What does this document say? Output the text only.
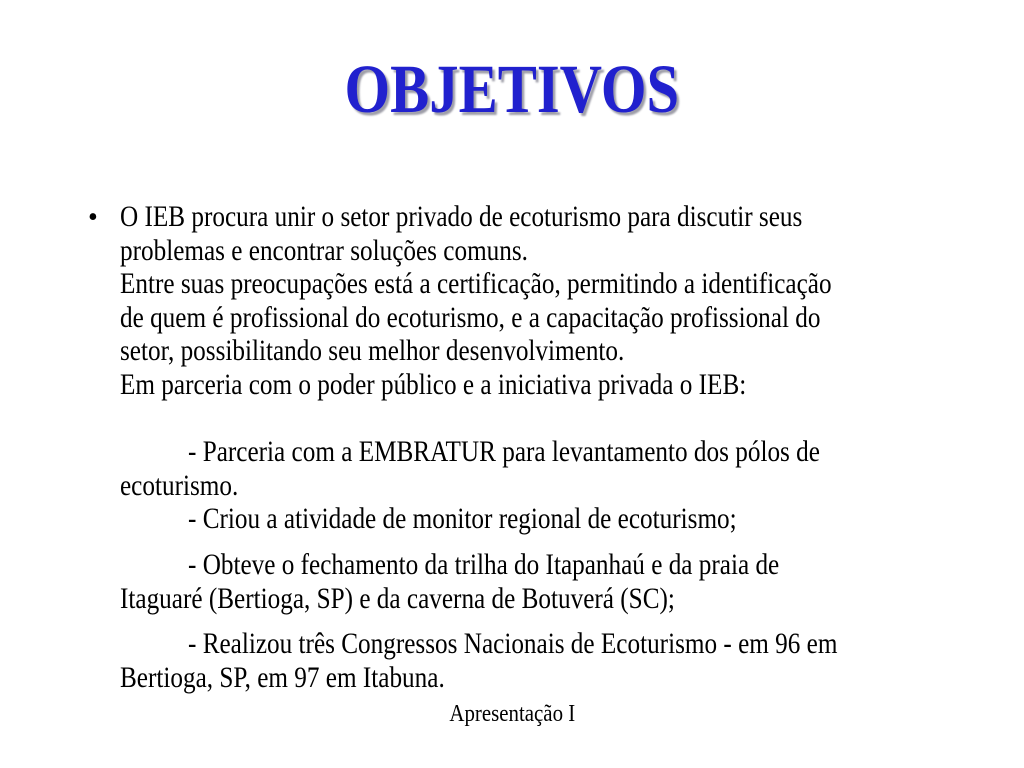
OBJETIVOS
• O IEB procura unir o setor privado de ecoturismo para discutir seus
problemas e encontrar soluções comuns.
Entre suas preocupações está a certificação, permitindo a identificação
de quem é profissional do ecoturismo, e a capacitação profissional do
setor, possibilitando seu melhor desenvolvimento.
Em parceria com o poder público e a iniciativa privada o IEB:

- Parceria com a EMBRATUR para levantamento dos pólos de
ecoturismo.
- Criou a atividade de monitor regional de ecoturismo;
- Obteve o fechamento da trilha do Itapanhaú e da praia de
Itaguaré (Bertioga, SP) e da caverna de Botuverá (SC);
- Realizou três Congressos Nacionais de Ecoturismo - em 96 em
Bertioga, SP, em 97 em Itabuna.
Apresentação I
